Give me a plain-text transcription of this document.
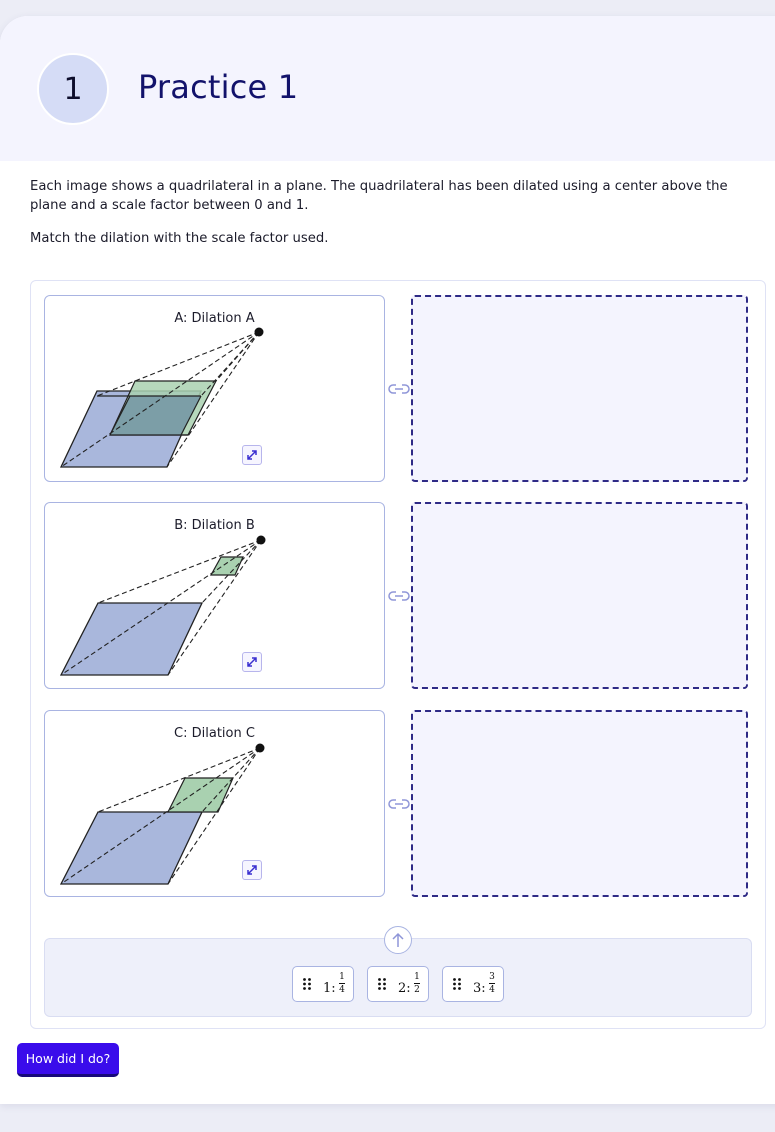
1	Practice 1

Each image shows a quadrilateral in a plane. The quadrilateral has been dilated using a center above the plane and a scale factor between 0 and 1.

Match the dilation with the scale factor used.

A: Dilation A
B: Dilation B
C: Dilation C
1: $\frac{1}{4}$	2: $\frac{1}{2}$	3: $\frac{3}{4}$
How did I do?
